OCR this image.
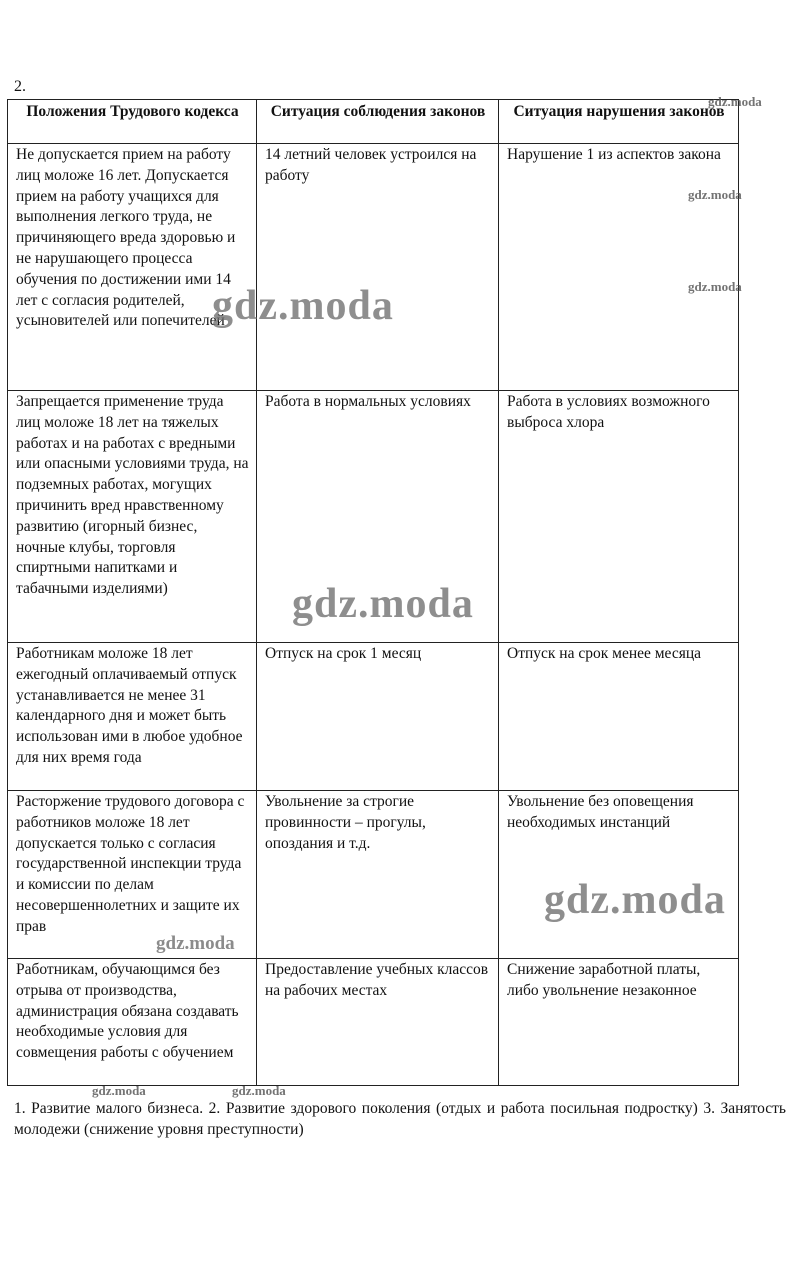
2.
Положения Трудового кодекса	Ситуация соблюдения законов	Ситуация нарушения законов
Не допускается прием на работу лиц моложе 16 лет. Допускается прием на работу учащихся для выполнения легкого труда, не причиняющего вреда здоровью и не нарушающего процесса обучения по достижении ими 14 лет с согласия родителей, усыновителей или попечителей	14 летний человек устроился на работу	Нарушение 1 из аспектов закона
Запрещается применение труда лиц моложе 18 лет на тяжелых работах и на работах с вредными или опасными условиями труда, на подземных работах, могущих причинить вред нравственному развитию (игорный бизнес, ночные клубы, торговля спиртными напитками и табачными изделиями)	Работа в нормальных условиях	Работа в условиях возможного выброса хлора
Работникам моложе 18 лет ежегодный оплачиваемый отпуск устанавливается не менее 31 календарного дня и может быть использован ими в любое удобное для них время года	Отпуск на срок 1 месяц	Отпуск на срок менее месяца
Расторжение трудового договора с работников моложе 18 лет допускается только с согласия государственной инспекции труда и комиссии по делам несовершеннолетних и защите их прав	Увольнение за строгие провинности – прогулы, опоздания и т.д.	Увольнение без оповещения необходимых инстанций
Работникам, обучающимся без отрыва от производства, администрация обязана создавать необходимые условия для совмещения работы с обучением	Предоставление учебных классов на рабочих местах	Снижение заработной платы, либо увольнение незаконное
1. Развитие малого бизнеса. 2. Развитие здорового поколения (отдых и работа посильная подростку) 3. Занятость молодежи (снижение уровня преступности)
gdz.moda
gdz.moda
gdz.moda
gdz.moda
gdz.moda
gdz.moda
gdz.moda
gdz.moda	gdz.moda
